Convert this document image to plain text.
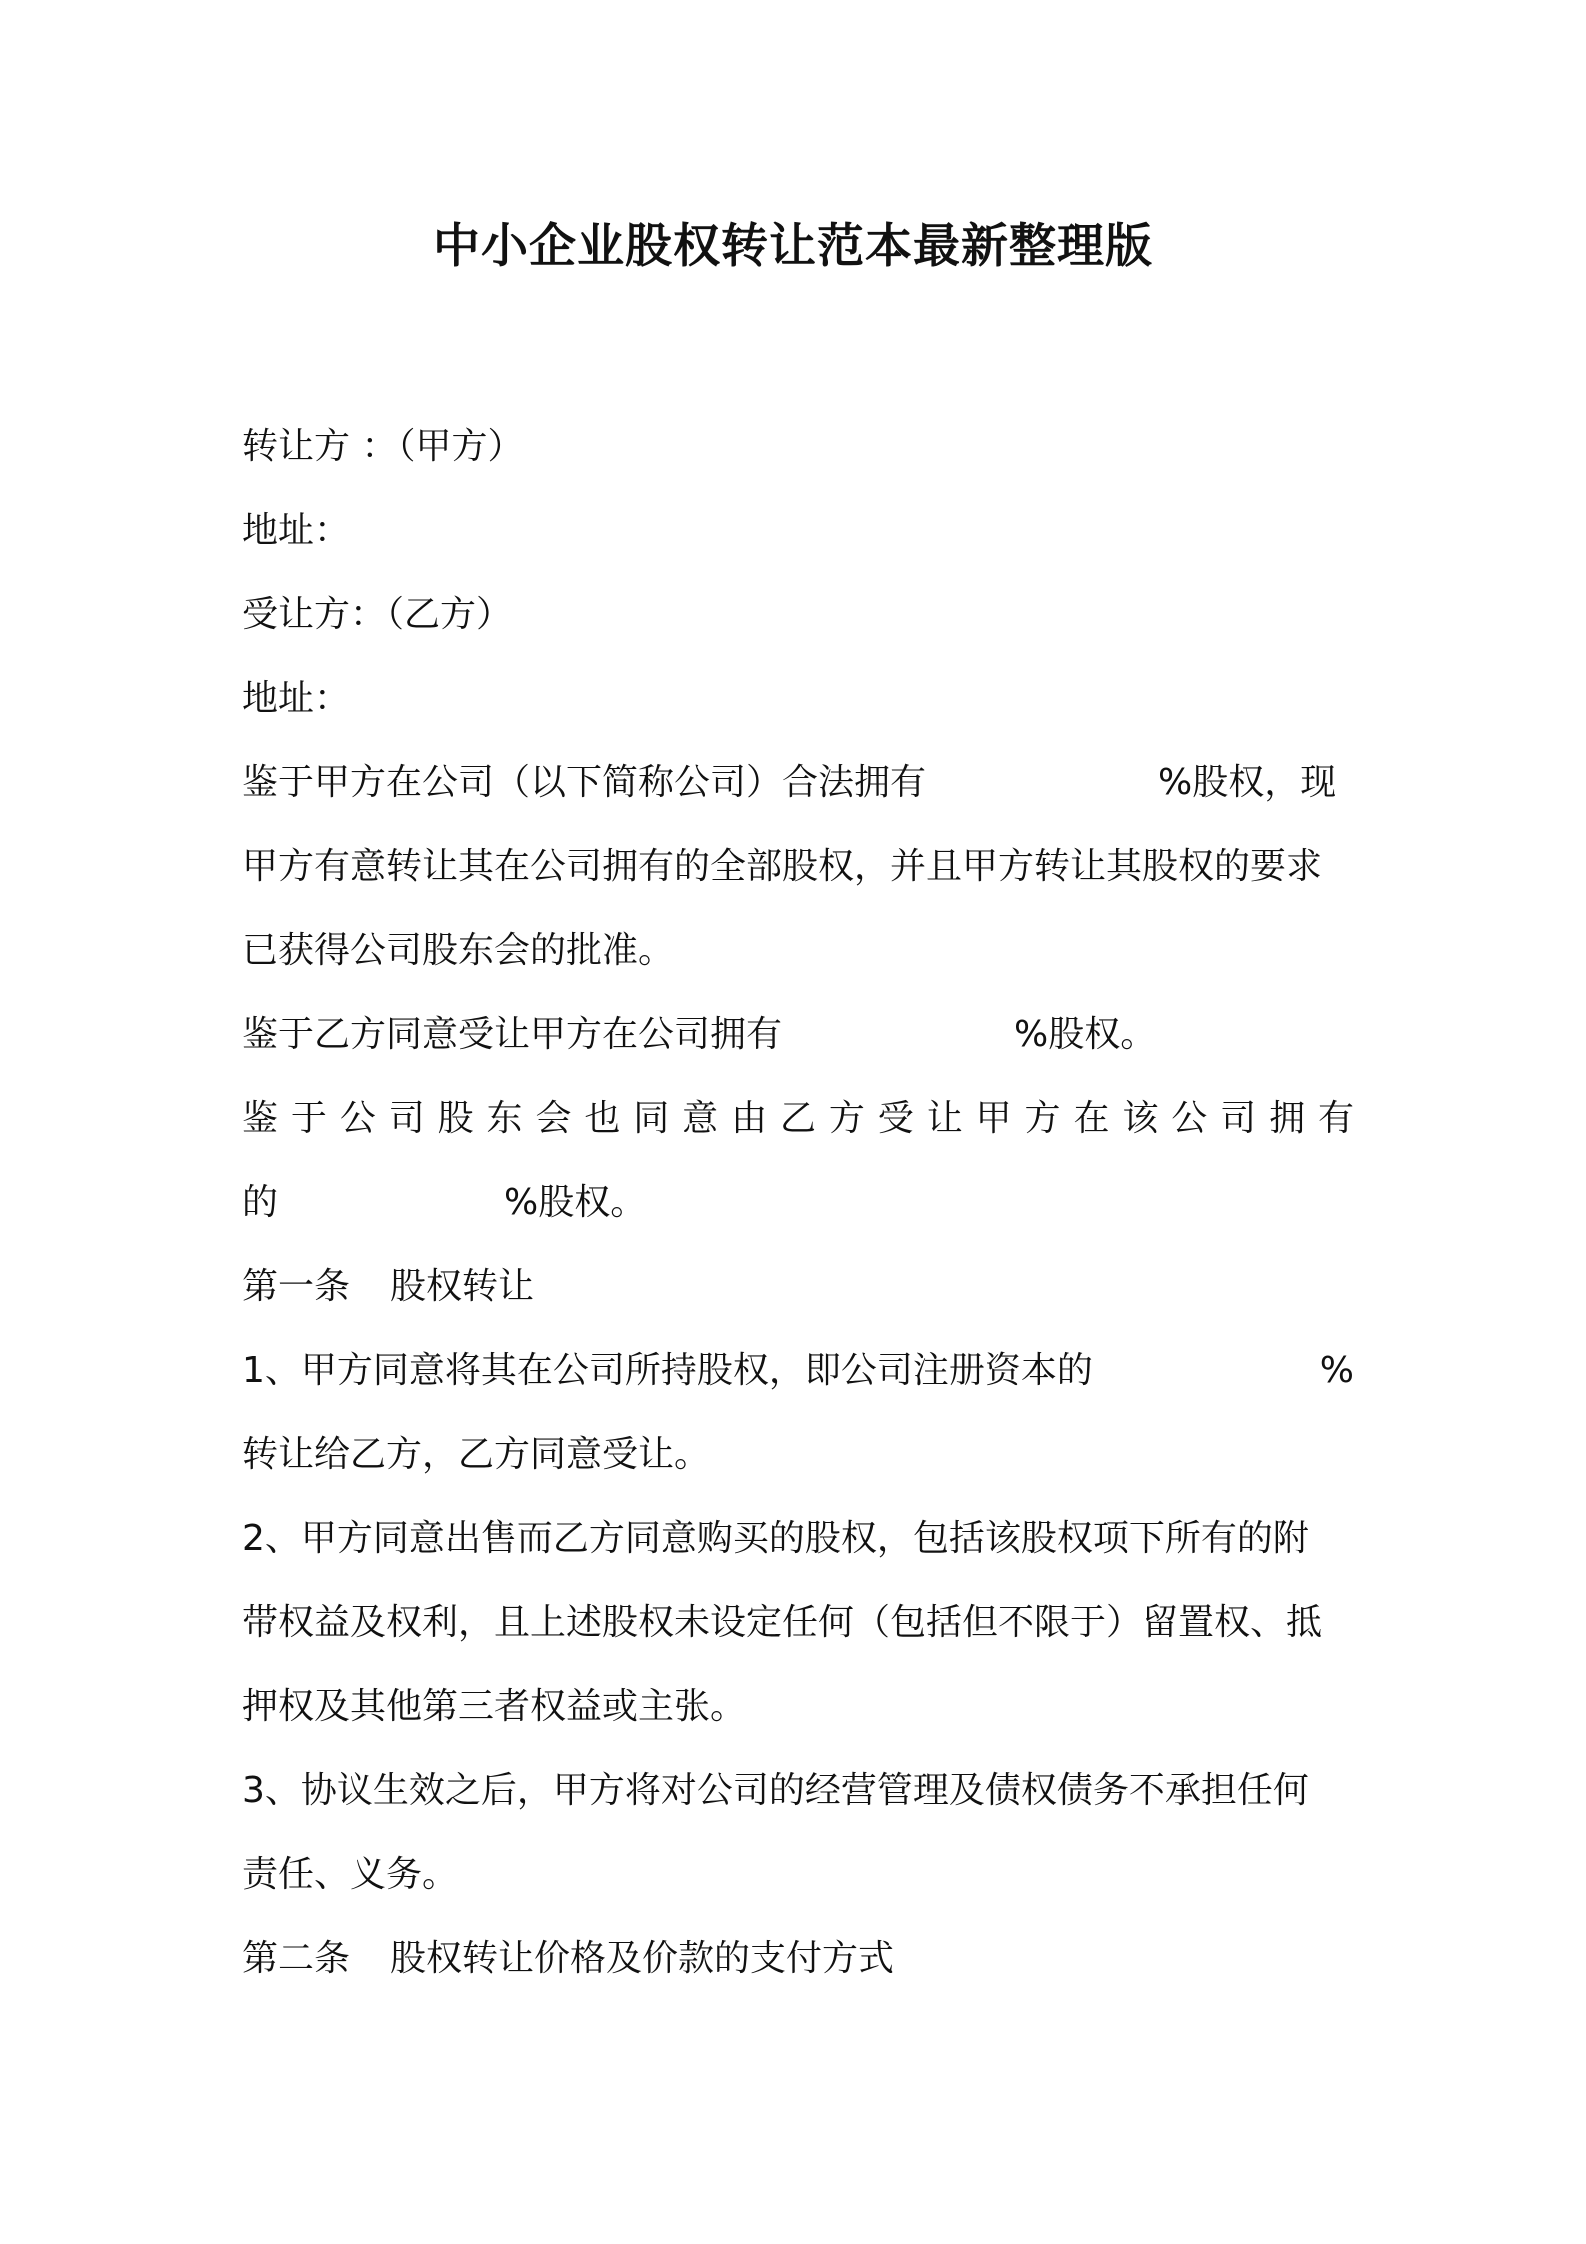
中小企业股权转让范本最新整理版
转让方 ：（甲方）
地址：
受让方：（乙方）
地址：
鉴于甲方在公司（以下简称公司）合法拥有	%股权，现
甲方有意转让其在公司拥有的全部股权，并且甲方转让其股权的要求
已获得公司股东会的批准。
鉴于乙方同意受让甲方在公司拥有	%股权。
鉴于公司股东会也同意由乙方受让甲方在该公司拥有
的	%股权。
第一条 股权转让
1、甲方同意将其在公司所持股权，即公司注册资本的	%
转让给乙方，乙方同意受让。
2、甲方同意出售而乙方同意购买的股权，包括该股权项下所有的附
带权益及权利，且上述股权未设定任何（包括但不限于）留置权、抵
押权及其他第三者权益或主张。
3、协议生效之后，甲方将对公司的经营管理及债权债务不承担任何
责任、义务。
第二条 股权转让价格及价款的支付方式
